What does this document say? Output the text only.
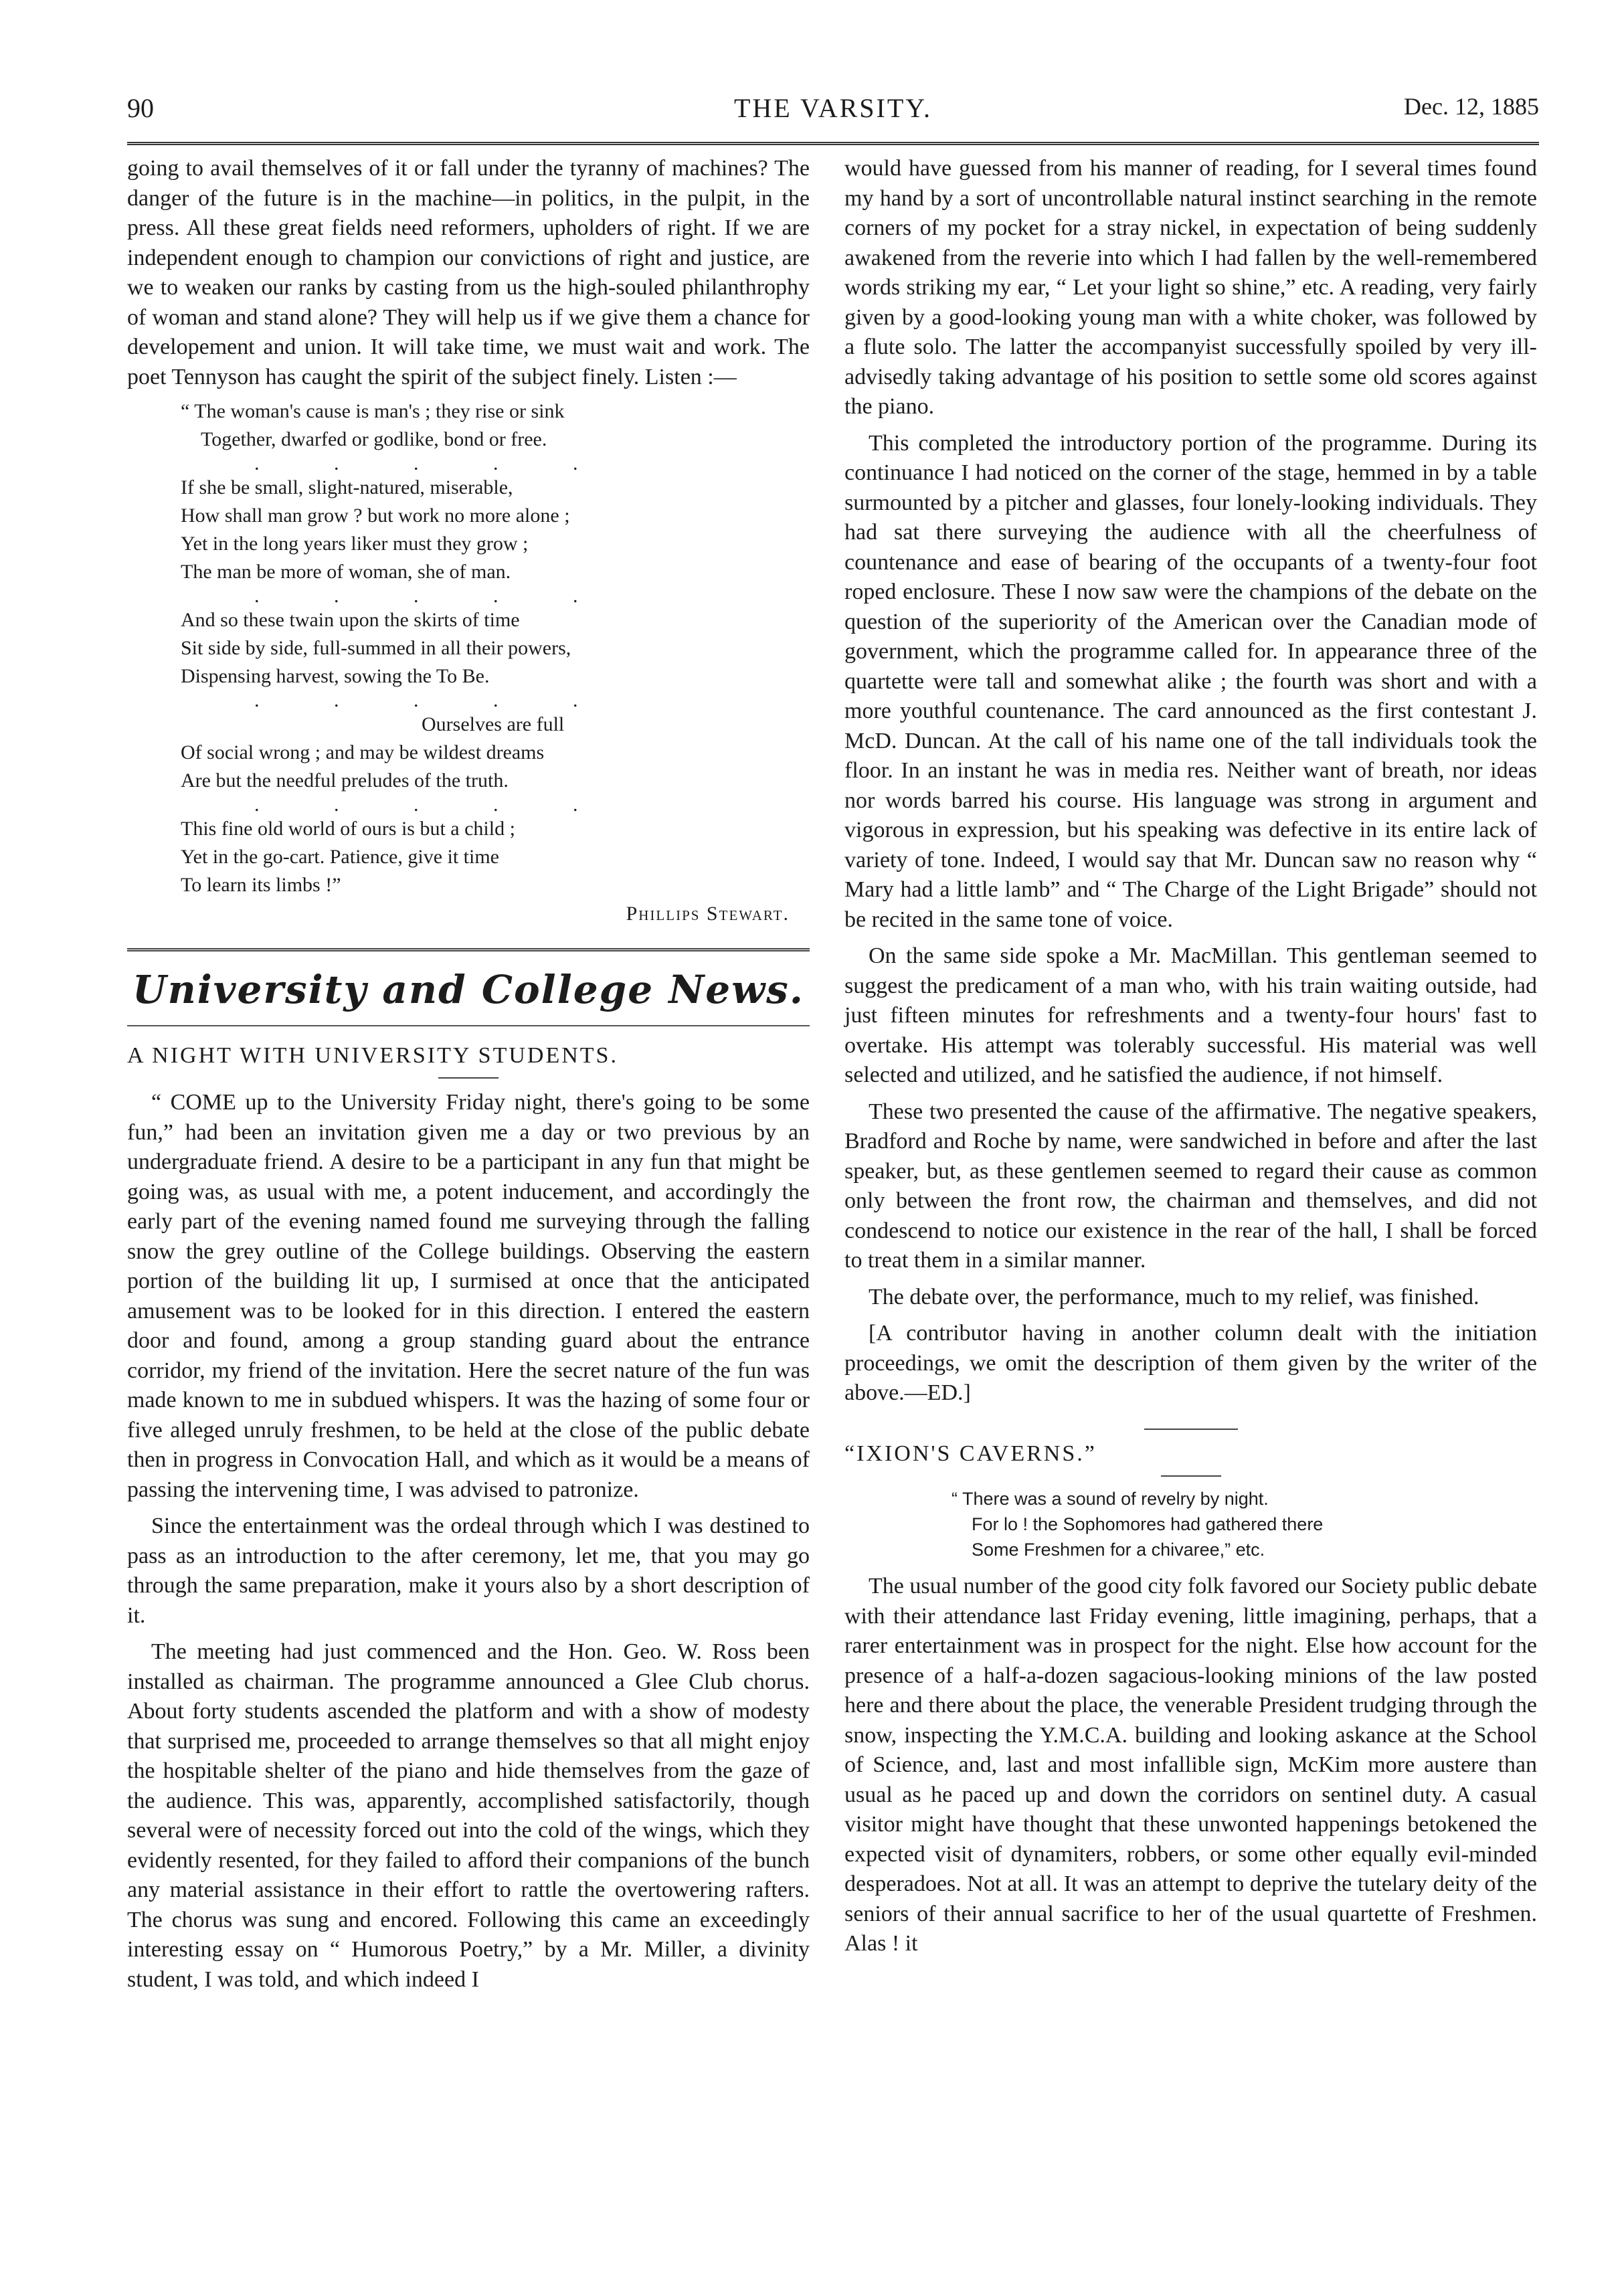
90	THE VARSITY.	Dec. 12, 1885

going to avail themselves of it or fall under the tyranny of machines? The danger of the future is in the machine—in politics, in the pulpit, in the press. All these great fields need reformers, upholders of right. If we are independent enough to champion our convictions of right and justice, are we to weaken our ranks by casting from us the high-souled philanthrophy of woman and stand alone? They will help us if we give them a chance for developement and union. It will take time, we must wait and work. The poet Tennyson has caught the spirit of the subject finely. Listen :—

“ The woman's cause is man's ; they rise or sink
Together, dwarfed or godlike, bond or free.
. . . . .
If she be small, slight-natured, miserable,
How shall man grow ? but work no more alone ;
Yet in the long years liker must they grow ;
The man be more of woman, she of man.
. . . . .
And so these twain upon the skirts of time
Sit side by side, full-summed in all their powers,
Dispensing harvest, sowing the To Be.
. . . . .
Ourselves are full
Of social wrong ; and may be wildest dreams
Are but the needful preludes of the truth.
. . . . .
This fine old world of ours is but a child ;
Yet in the go-cart. Patience, give it time
To learn its limbs !”
Phillips Stewart.
University and College News.

A NIGHT WITH UNIVERSITY STUDENTS.

“ COME up to the University Friday night, there's going to be some fun,” had been an invitation given me a day or two previous by an undergraduate friend. A desire to be a participant in any fun that might be going was, as usual with me, a potent inducement, and accordingly the early part of the evening named found me surveying through the falling snow the grey outline of the College buildings. Observing the eastern portion of the building lit up, I surmised at once that the anticipated amusement was to be looked for in this direction. I entered the eastern door and found, among a group standing guard about the entrance corridor, my friend of the invitation. Here the secret nature of the fun was made known to me in subdued whispers. It was the hazing of some four or five alleged unruly freshmen, to be held at the close of the public debate then in progress in Convocation Hall, and which as it would be a means of passing the intervening time, I was advised to patronize.

Since the entertainment was the ordeal through which I was destined to pass as an introduction to the after ceremony, let me, that you may go through the same preparation, make it yours also by a short description of it.

The meeting had just commenced and the Hon. Geo. W. Ross been installed as chairman. The programme announced a Glee Club chorus. About forty students ascended the platform and with a show of modesty that surprised me, proceeded to arrange themselves so that all might enjoy the hospitable shelter of the piano and hide themselves from the gaze of the audience. This was, apparently, accomplished satisfactorily, though several were of necessity forced out into the cold of the wings, which they evidently resented, for they failed to afford their companions of the bunch any material assistance in their effort to rattle the overtowering rafters. The chorus was sung and encored. Following this came an exceedingly interesting essay on “ Humorous Poetry,” by a Mr. Miller, a divinity student, I was told, and which indeed I

would have guessed from his manner of reading, for I several times found my hand by a sort of uncontrollable natural instinct searching in the remote corners of my pocket for a stray nickel, in expectation of being suddenly awakened from the reverie into which I had fallen by the well-remembered words striking my ear, “ Let your light so shine,” etc. A reading, very fairly given by a good-looking young man with a white choker, was followed by a flute solo. The latter the accompanyist successfully spoiled by very ill-advisedly taking advantage of his position to settle some old scores against the piano.

This completed the introductory portion of the programme. During its continuance I had noticed on the corner of the stage, hemmed in by a table surmounted by a pitcher and glasses, four lonely-looking individuals. They had sat there surveying the audience with all the cheerfulness of countenance and ease of bearing of the occupants of a twenty-four foot roped enclosure. These I now saw were the champions of the debate on the question of the superiority of the American over the Canadian mode of government, which the programme called for. In appearance three of the quartette were tall and somewhat alike ; the fourth was short and with a more youthful countenance. The card announced as the first contestant J. McD. Duncan. At the call of his name one of the tall individuals took the floor. In an instant he was in media res. Neither want of breath, nor ideas nor words barred his course. His language was strong in argument and vigorous in expression, but his speaking was defective in its entire lack of variety of tone. Indeed, I would say that Mr. Duncan saw no reason why “ Mary had a little lamb” and “ The Charge of the Light Brigade” should not be recited in the same tone of voice.

On the same side spoke a Mr. MacMillan. This gentleman seemed to suggest the predicament of a man who, with his train waiting outside, had just fifteen minutes for refreshments and a twenty-four hours' fast to overtake. His attempt was tolerably successful. His material was well selected and utilized, and he satisfied the audience, if not himself.

These two presented the cause of the affirmative. The negative speakers, Bradford and Roche by name, were sandwiched in before and after the last speaker, but, as these gentlemen seemed to regard their cause as common only between the front row, the chairman and themselves, and did not condescend to notice our existence in the rear of the hall, I shall be forced to treat them in a similar manner.

The debate over, the performance, much to my relief, was finished.

[A contributor having in another column dealt with the initiation proceedings, we omit the description of them given by the writer of the above.—ED.]

“IXION'S CAVERNS.”

“ There was a sound of revelry by night.
For lo ! the Sophomores had gathered there
Some Freshmen for a chivaree,” etc.

The usual number of the good city folk favored our Society public debate with their attendance last Friday evening, little imagining, perhaps, that a rarer entertainment was in prospect for the night. Else how account for the presence of a half-a-dozen sagacious-looking minions of the law posted here and there about the place, the venerable President trudging through the snow, inspecting the Y.M.C.A. building and looking askance at the School of Science, and, last and most infallible sign, McKim more austere than usual as he paced up and down the corridors on sentinel duty. A casual visitor might have thought that these unwonted happenings betokened the expected visit of dynamiters, robbers, or some other equally evil-minded desperadoes. Not at all. It was an attempt to deprive the tutelary deity of the seniors of their annual sacrifice to her of the usual quartette of Freshmen. Alas ! it
